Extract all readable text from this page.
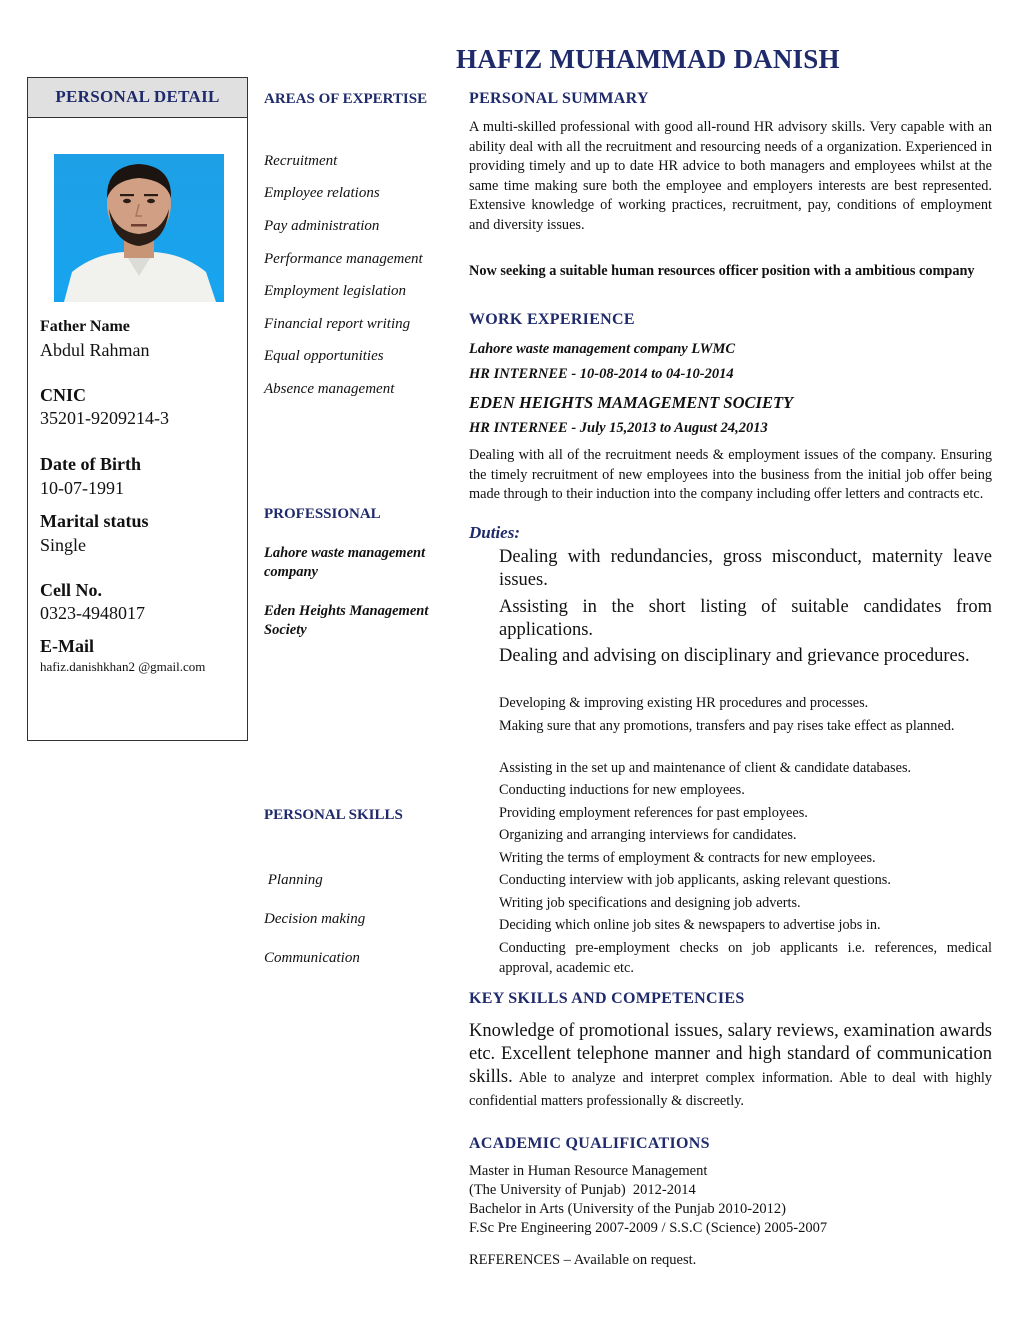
HAFIZ MUHAMMAD DANISH
PERSONAL DETAIL
Father Name
Abdul Rahman
CNIC
35201-9209214-3
Date of Birth
10-07-1991
Marital status
Single
Cell No.
0323-4948017
E-Mail
hafiz.danishkhan2 @gmail.com
AREAS OF EXPERTISE
Recruitment
Employee relations
Pay administration
Performance management
Employment legislation
Financial report writing
Equal opportunities
Absence management
PROFESSIONAL
Lahore waste management company
Eden Heights Management Society
PERSONAL SKILLS
Planning
Decision making
Communication
PERSONAL SUMMARY
A multi-skilled professional with good all-round HR advisory skills. Very capable with an ability deal with all the recruitment and resourcing needs of a organization. Experienced in providing timely and up to date HR advice to both managers and employees whilst at the same time making sure both the employee and employers interests are best represented. Extensive knowledge of working practices, recruitment, pay, conditions of employment and diversity issues.
Now seeking a suitable human resources officer position with a ambitious company
WORK EXPERIENCE
Lahore waste management company LWMC
HR INTERNEE - 10-08-2014 to 04-10-2014
EDEN HEIGHTS MAMAGEMENT SOCIETY
HR INTERNEE - July 15,2013 to August 24,2013
Dealing with all of the recruitment needs & employment issues of the company. Ensuring the timely recruitment of new employees into the business from the initial job offer being made through to their induction into the company including offer letters and contracts etc.
Duties:
Dealing with redundancies, gross misconduct, maternity leave issues.
Assisting in the short listing of suitable candidates from applications.
Dealing and advising on disciplinary and grievance procedures.
Developing & improving existing HR procedures and processes.
Making sure that any promotions, transfers and pay rises take effect as planned.
Assisting in the set up and maintenance of client & candidate databases.
Conducting inductions for new employees.
Providing employment references for past employees.
Organizing and arranging interviews for candidates.
Writing the terms of employment & contracts for new employees.
Conducting interview with job applicants, asking relevant questions.
Writing job specifications and designing job adverts.
Deciding which online job sites & newspapers to advertise jobs in.
Conducting pre-employment checks on job applicants i.e. references, medical approval, academic etc.
KEY SKILLS AND COMPETENCIES
Knowledge of promotional issues, salary reviews, examination awards etc. Excellent telephone manner and high standard of communication skills. Able to analyze and interpret complex information. Able to deal with highly confidential matters professionally & discreetly.
ACADEMIC QUALIFICATIONS
Master in Human Resource Management
(The University of Punjab)  2012-2014
Bachelor in Arts (University of the Punjab 2010-2012)
F.Sc Pre Engineering 2007-2009 / S.S.C (Science) 2005-2007
REFERENCES – Available on request.
